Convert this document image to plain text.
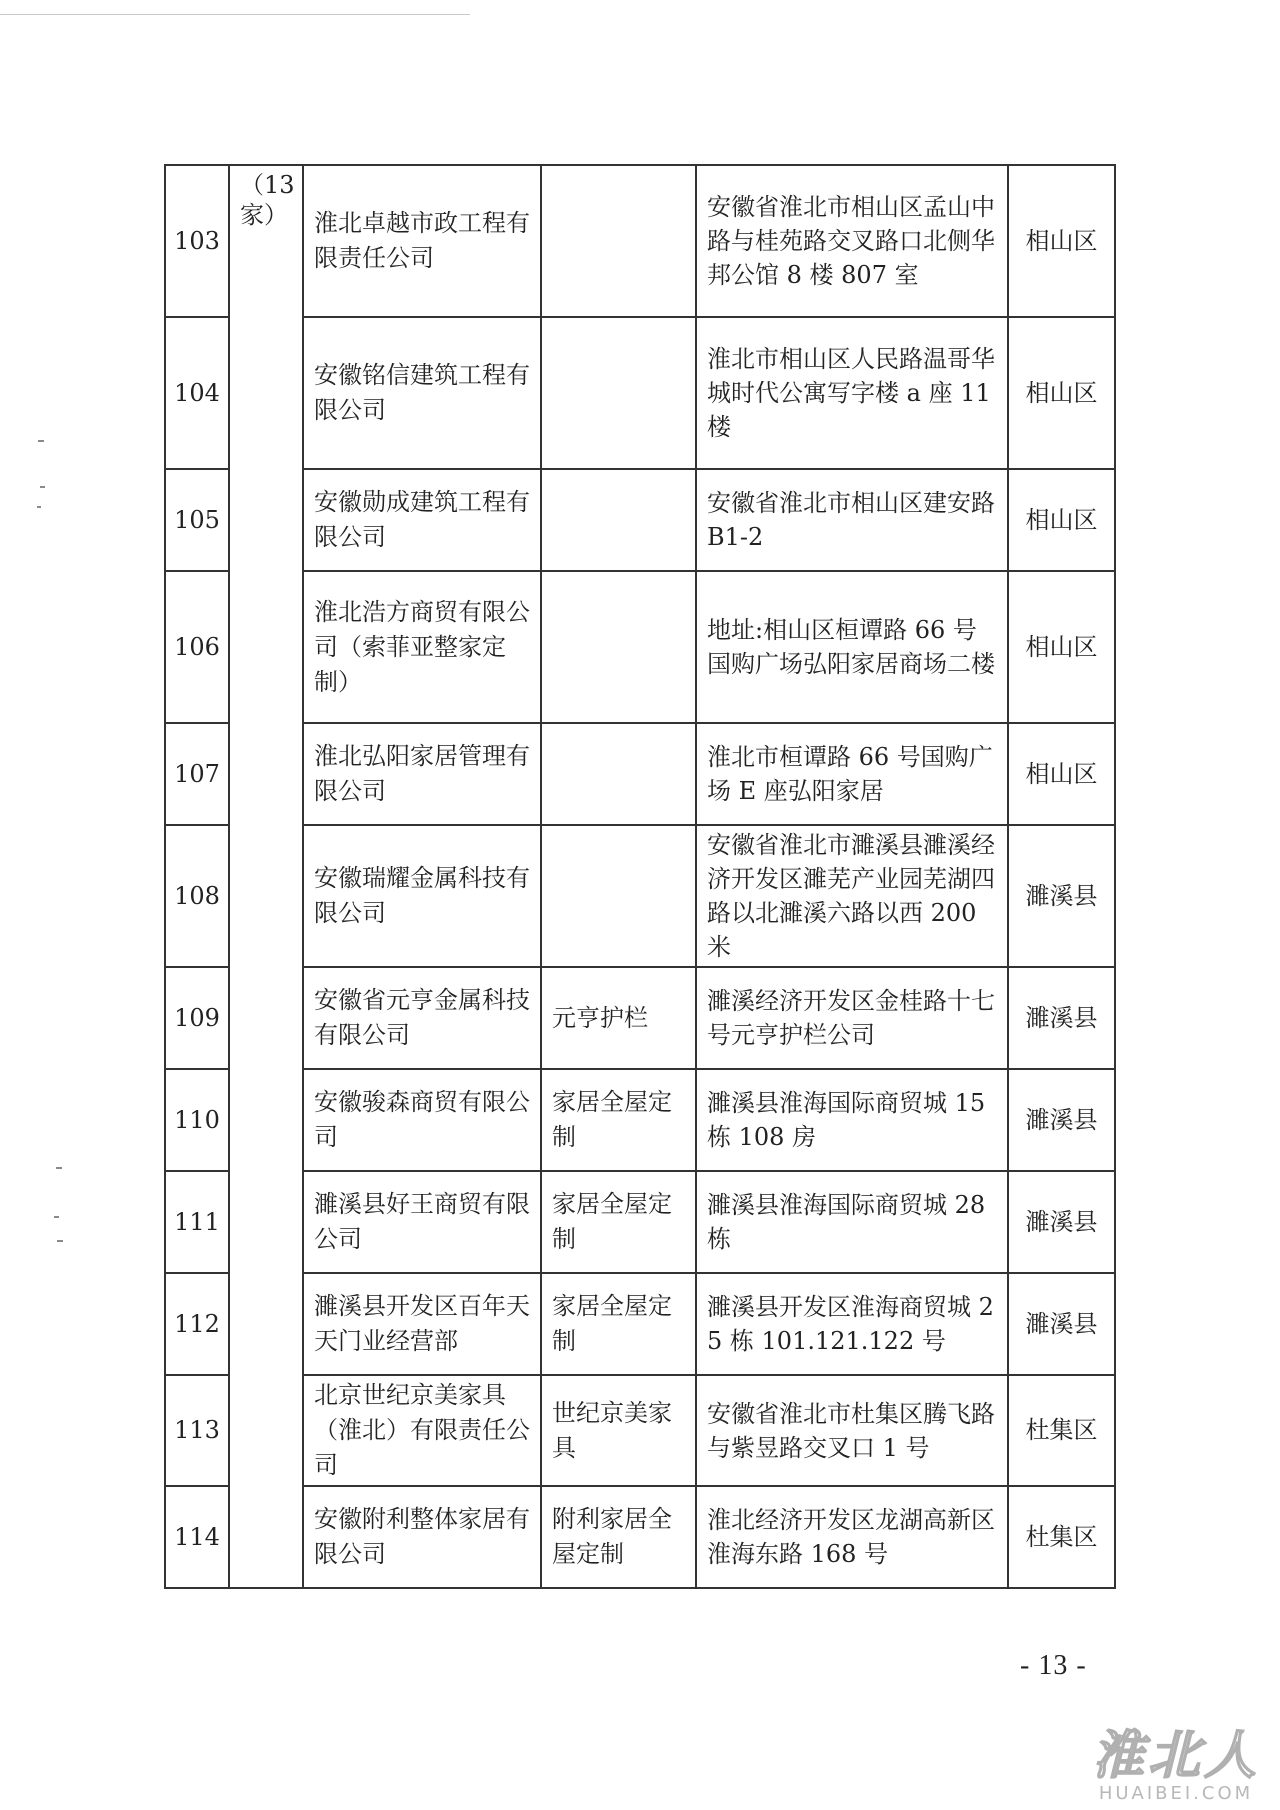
103	（13家）	淮北卓越市政工程有限责任公司		安徽省淮北市相山区孟山中路与桂苑路交叉路口北侧华邦公馆 8 楼 807 室	相山区
104		安徽铭信建筑工程有限公司		淮北市相山区人民路温哥华城时代公寓写字楼 a 座 11 楼	相山区
105		安徽勋成建筑工程有限公司		安徽省淮北市相山区建安路 B1-2	相山区
106		淮北浩方商贸有限公司（索菲亚整家定制）		地址:相山区桓谭路 66 号国购广场弘阳家居商场二楼	相山区
107		淮北弘阳家居管理有限公司		淮北市桓谭路 66 号国购广场 E 座弘阳家居	相山区
108		安徽瑞耀金属科技有限公司		安徽省淮北市濉溪县濉溪经济开发区濉芜产业园芜湖四路以北濉溪六路以西 200 米	濉溪县
109		安徽省元亨金属科技有限公司	元亨护栏	濉溪经济开发区金桂路十七号元亨护栏公司	濉溪县
110		安徽骏森商贸有限公司	家居全屋定制	濉溪县淮海国际商贸城 15 栋 108 房	濉溪县
111		濉溪县好王商贸有限公司	家居全屋定制	濉溪县淮海国际商贸城 28 栋	濉溪县
112		濉溪县开发区百年天天门业经营部	家居全屋定制	濉溪县开发区淮海商贸城 25 栋 101.121.122 号	濉溪县
113		北京世纪京美家具（淮北）有限责任公司	世纪京美家具	安徽省淮北市杜集区腾飞路与紫昱路交叉口 1 号	杜集区
114		安徽附利整体家居有限公司	附利家居全屋定制	淮北经济开发区龙湖高新区淮海东路 168 号	杜集区
- 13 -
淮北人
HUAIBEI.COM
